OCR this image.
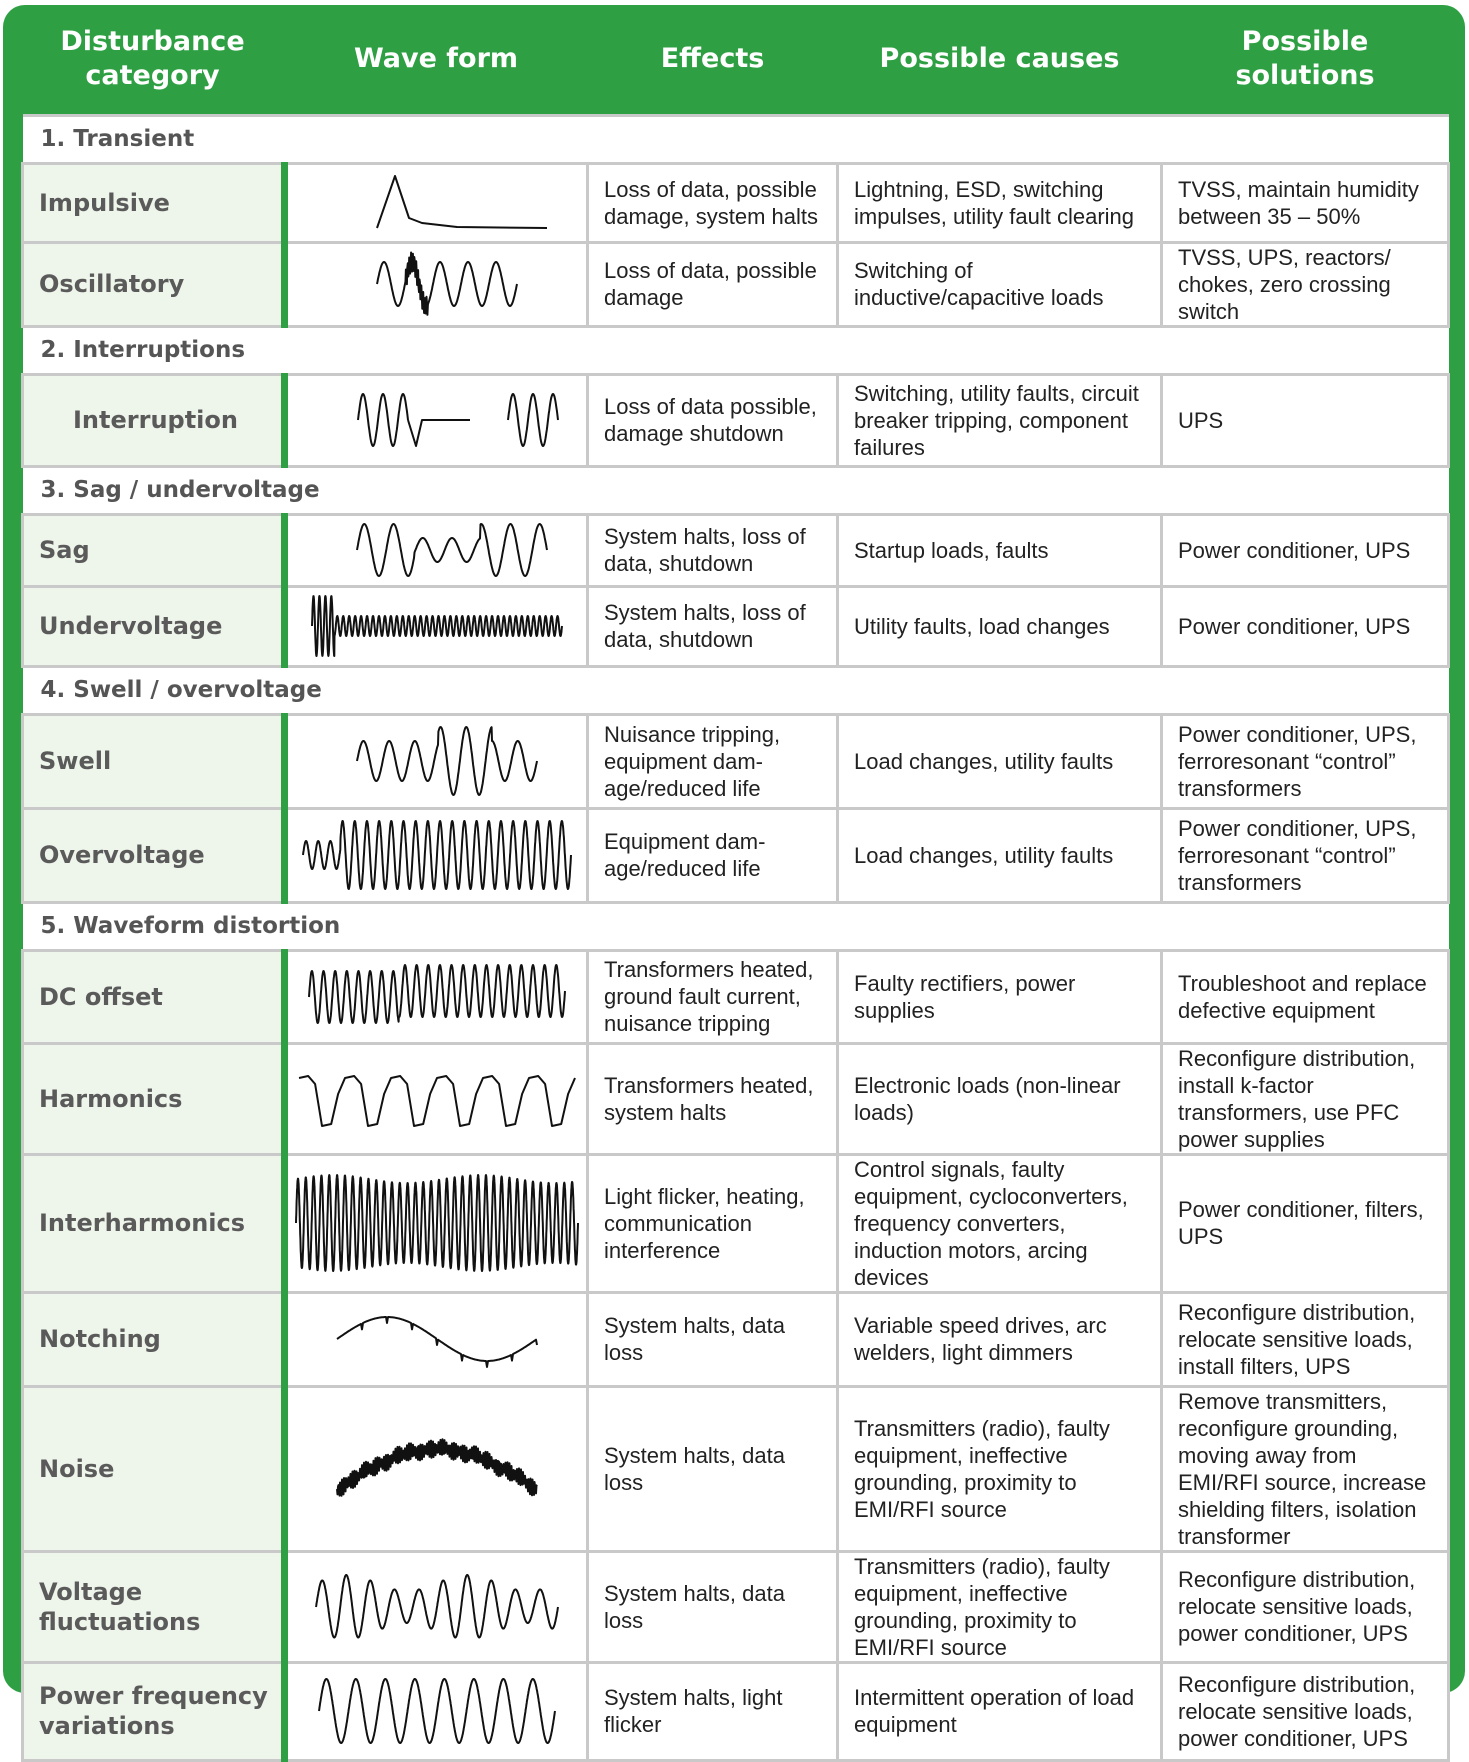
Disturbance category	Wave form	Effects	Possible causes	Possible solutions
1. Transient				
Impulsive		Loss of data, possible damage, system halts	Lightning, ESD, switching impulses, utility fault clearing	TVSS, maintain humidity between 35 – 50%
Oscillatory		Loss of data, possible damage	Switching of inductive/capacitive loads	TVSS, UPS, reactors/ chokes, zero crossing switch
2. Interruptions				
Interruption		Loss of data possible, damage shutdown	Switching, utility faults, circuit breaker tripping, component failures	UPS
3. Sag / undervoltage				
Sag		System halts, loss of data, shutdown	Startup loads, faults	Power conditioner, UPS
Undervoltage		System halts, loss of data, shutdown	Utility faults, load changes	Power conditioner, UPS
4. Swell / overvoltage				
Swell		Nuisance tripping, equipment dam-age/reduced life	Load changes, utility faults	Power conditioner, UPS, ferroresonant “control” transformers
Overvoltage		Equipment dam-age/reduced life	Load changes, utility faults	Power conditioner, UPS, ferroresonant “control” transformers
5. Waveform distortion				
DC offset		Transformers heated, ground fault current, nuisance tripping	Faulty rectifiers, power supplies	Troubleshoot and replace defective equipment
Harmonics		Transformers heated, system halts	Electronic loads (non-linear loads)	Reconfigure distribution, install k-factor transformers, use PFC power supplies
Interharmonics		Light flicker, heating, communication interference	Control signals, faulty equipment, cycloconverters, frequency converters, induction motors, arcing devices	Power conditioner, filters, UPS
Notching		System halts, data loss	Variable speed drives, arc welders, light dimmers	Reconfigure distribution, relocate sensitive loads, install filters, UPS
Noise		System halts, data loss	Transmitters (radio), faulty equipment, ineffective grounding, proximity to EMI/RFI source	Remove transmitters, reconfigure grounding, moving away from EMI/RFI source, increase shielding filters, isolation transformer
Voltage fluctuations		System halts, data loss	Transmitters (radio), faulty equipment, ineffective grounding, proximity to EMI/RFI source	Reconfigure distribution, relocate sensitive loads, power conditioner, UPS
Power frequency variations		System halts, light flicker	Intermittent operation of load equipment	Reconfigure distribution, relocate sensitive loads, power conditioner, UPS
